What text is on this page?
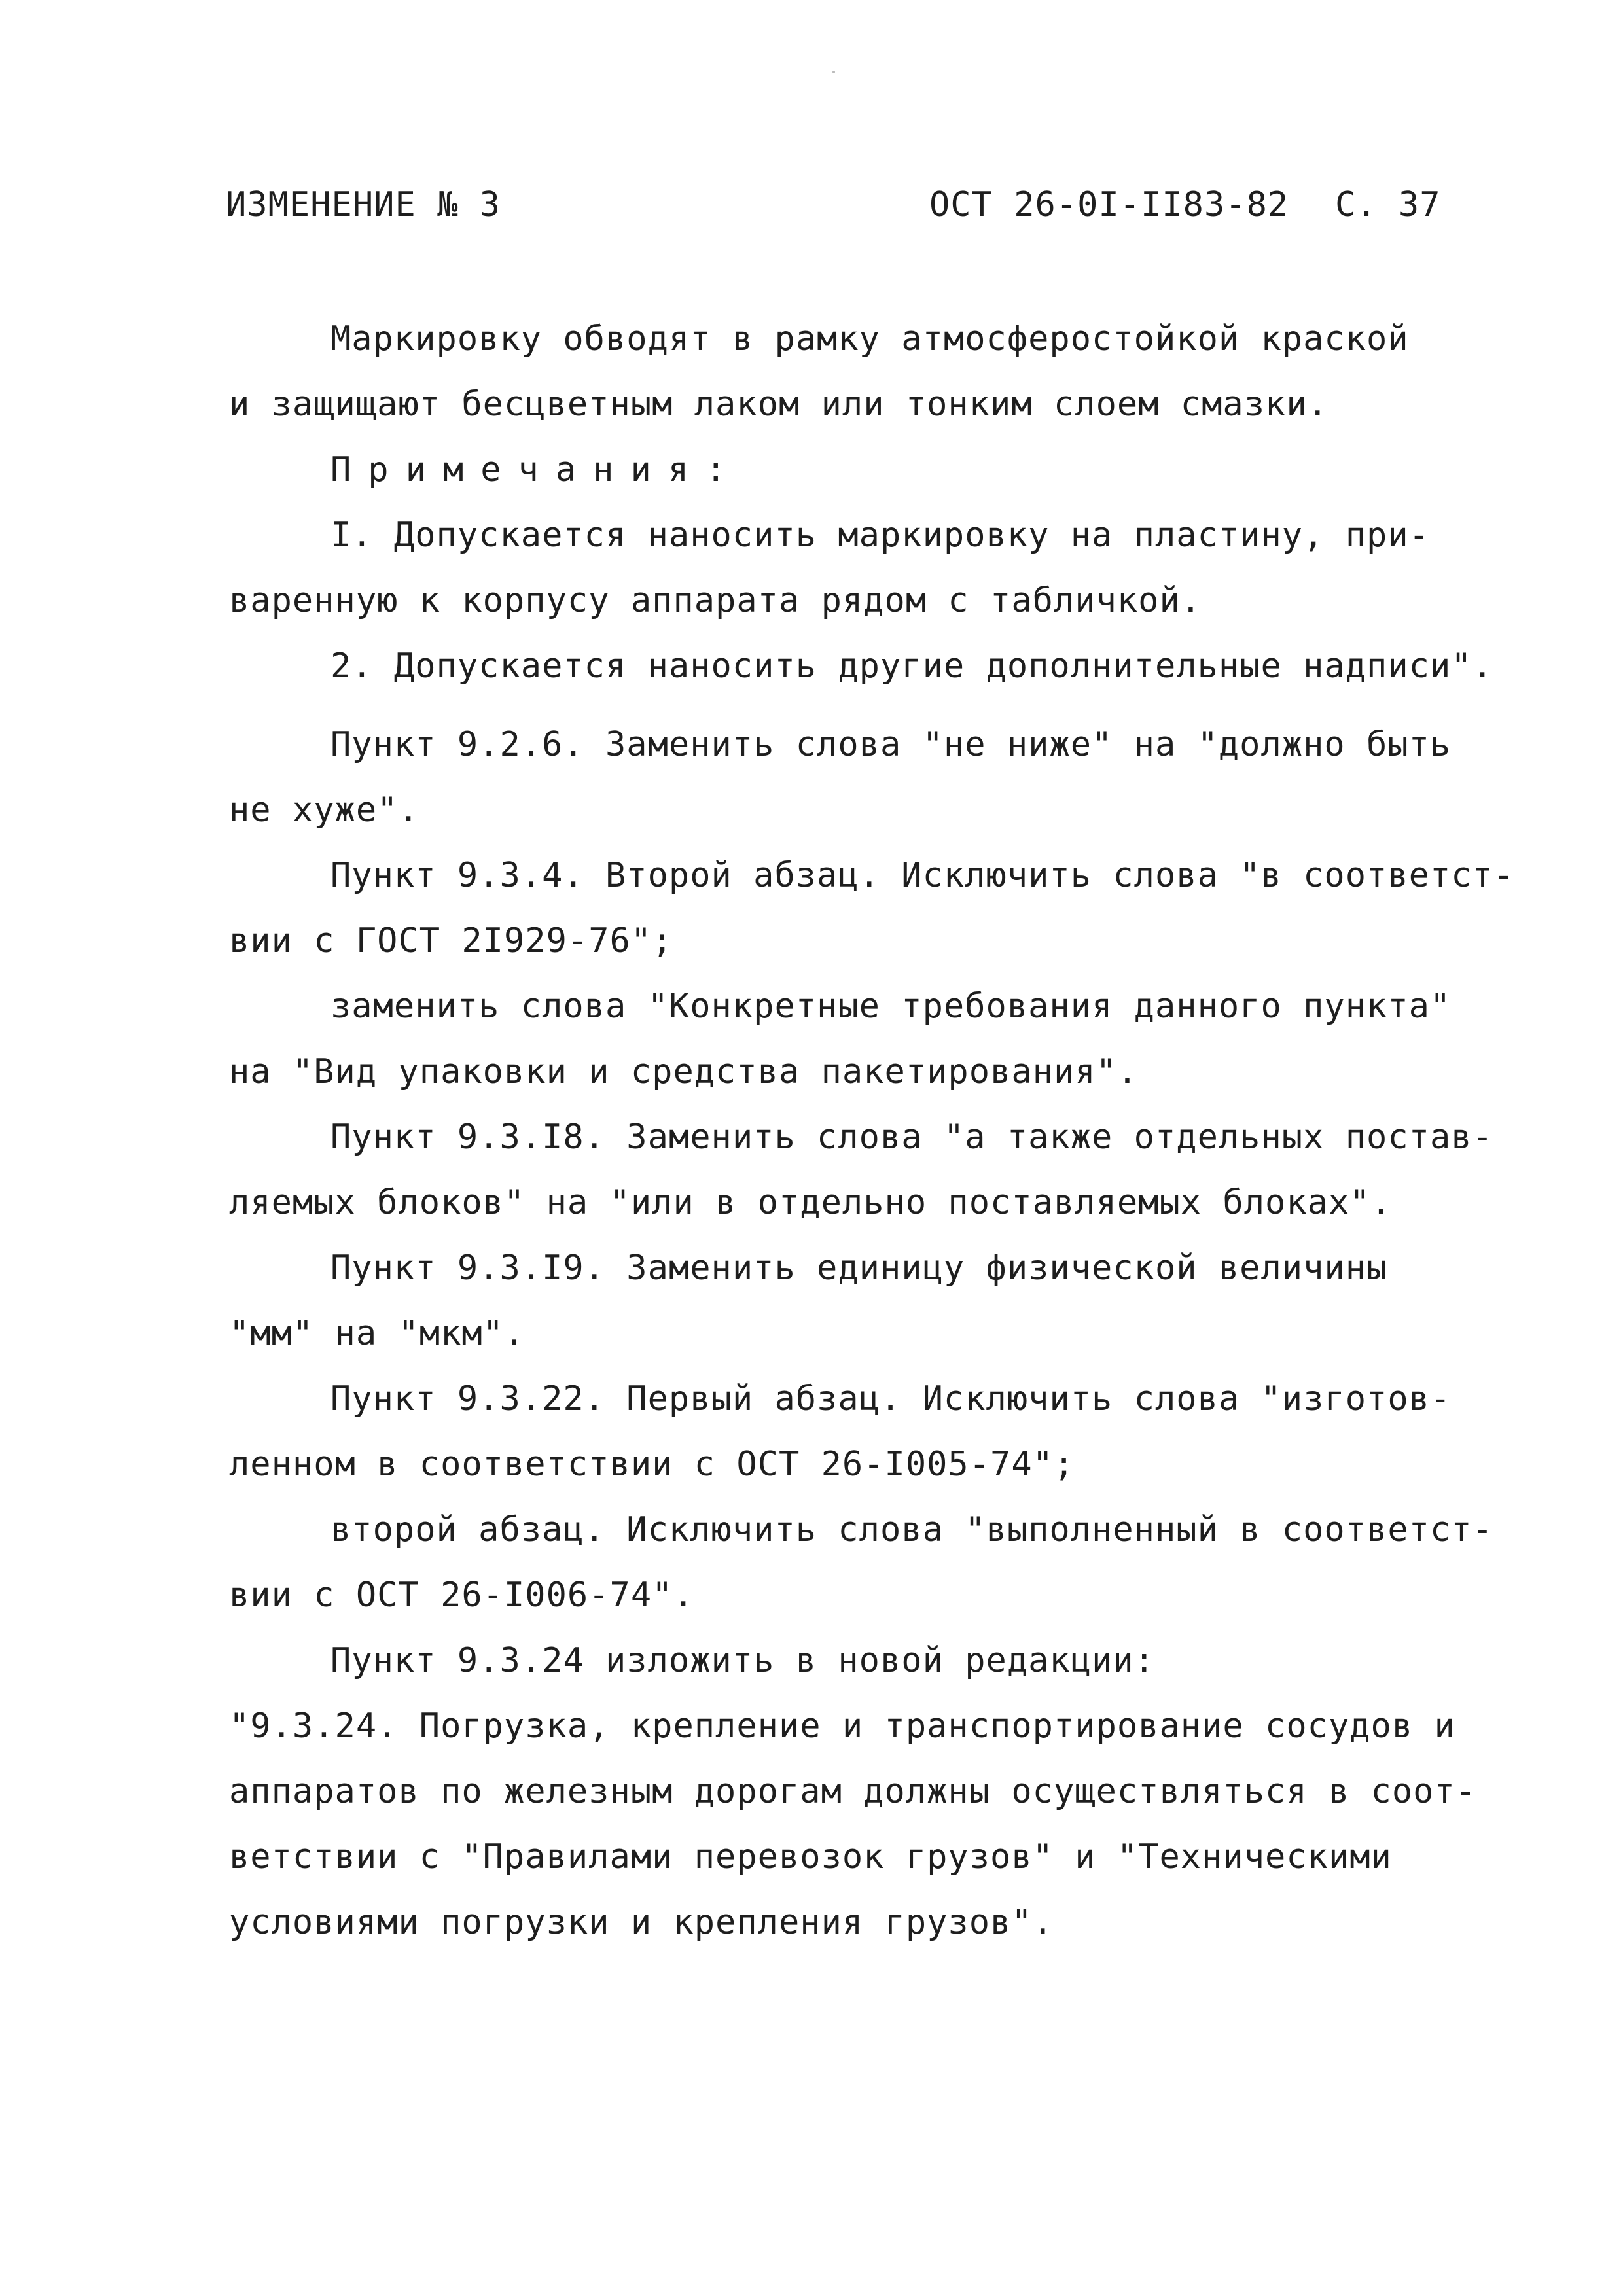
ИЗМЕНЕНИЕ № 3	ОСТ 26-0I-II83-82 С. 37
Маркировку обводят в рамку атмосферостойкой краской
и защищают бесцветным лаком или тонким слоем смазки.
Примечания:
I. Допускается наносить маркировку на пластину, при-
варенную к корпусу аппарата рядом с табличкой.
2. Допускается наносить другие дополнительные надписи".
Пункт 9.2.6. Заменить слова "не ниже" на "должно быть
не хуже".
Пункт 9.3.4. Второй абзац. Исключить слова "в соответст-
вии с ГОСТ 2I929-76";
заменить слова "Конкретные требования данного пункта"
на "Вид упаковки и средства пакетирования".
Пункт 9.3.I8. Заменить слова "а также отдельных постав-
ляемых блоков" на "или в отдельно поставляемых блоках".
Пункт 9.3.I9. Заменить единицу физической величины
"мм" на "мкм".
Пункт 9.3.22. Первый абзац. Исключить слова "изготов-
ленном в соответствии с ОСТ 26-I005-74";
второй абзац. Исключить слова "выполненный в соответст-
вии с ОСТ 26-I006-74".
Пункт 9.3.24 изложить в новой редакции:
"9.3.24. Погрузка, крепление и транспортирование сосудов и
аппаратов по железным дорогам должны осуществляться в соот-
ветствии с "Правилами перевозок грузов" и "Техническими
условиями погрузки и крепления грузов".
